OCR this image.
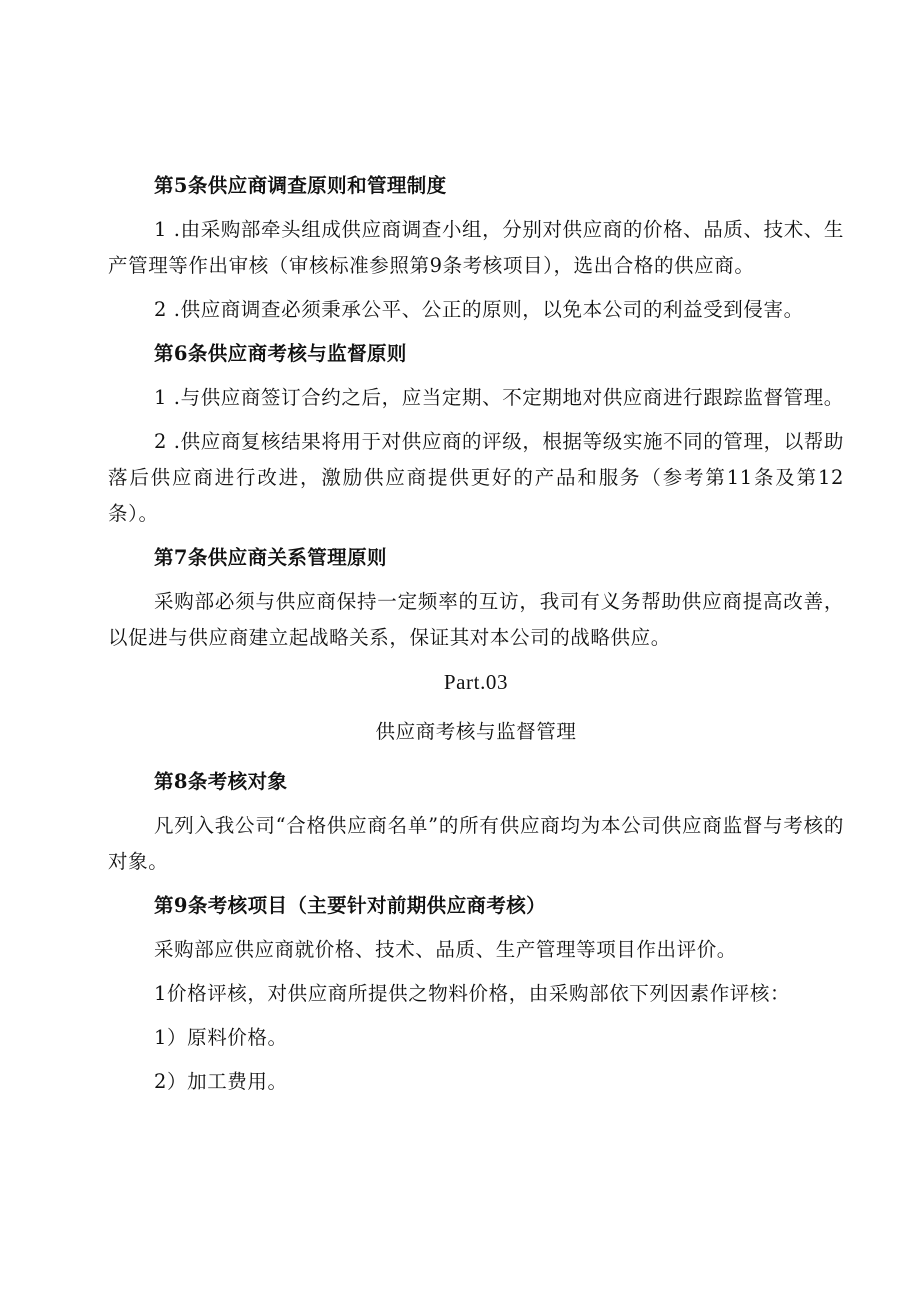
第5条供应商调查原则和管理制度

1 .由采购部牵头组成供应商调查小组，分别对供应商的价格、品质、技术、生产管理等作出审核（审核标准参照第9条考核项目），选出合格的供应商。

2 .供应商调查必须秉承公平、公正的原则，以免本公司的利益受到侵害。

第6条供应商考核与监督原则

1 .与供应商签订合约之后，应当定期、不定期地对供应商进行跟踪监督管理。

2 .供应商复核结果将用于对供应商的评级，根据等级实施不同的管理，以帮助落后供应商进行改进，激励供应商提供更好的产品和服务（参考第11条及第12条）。

第7条供应商关系管理原则

采购部必须与供应商保持一定频率的互访，我司有义务帮助供应商提高改善，以促进与供应商建立起战略关系，保证其对本公司的战略供应。

Part.03
供应商考核与监督管理
第8条考核对象

凡列入我公司“合格供应商名单”的所有供应商均为本公司供应商监督与考核的对象。

第9条考核项目（主要针对前期供应商考核）

采购部应供应商就价格、技术、品质、生产管理等项目作出评价。

1价格评核，对供应商所提供之物料价格，由采购部依下列因素作评核：

1）原料价格。

2）加工费用。
